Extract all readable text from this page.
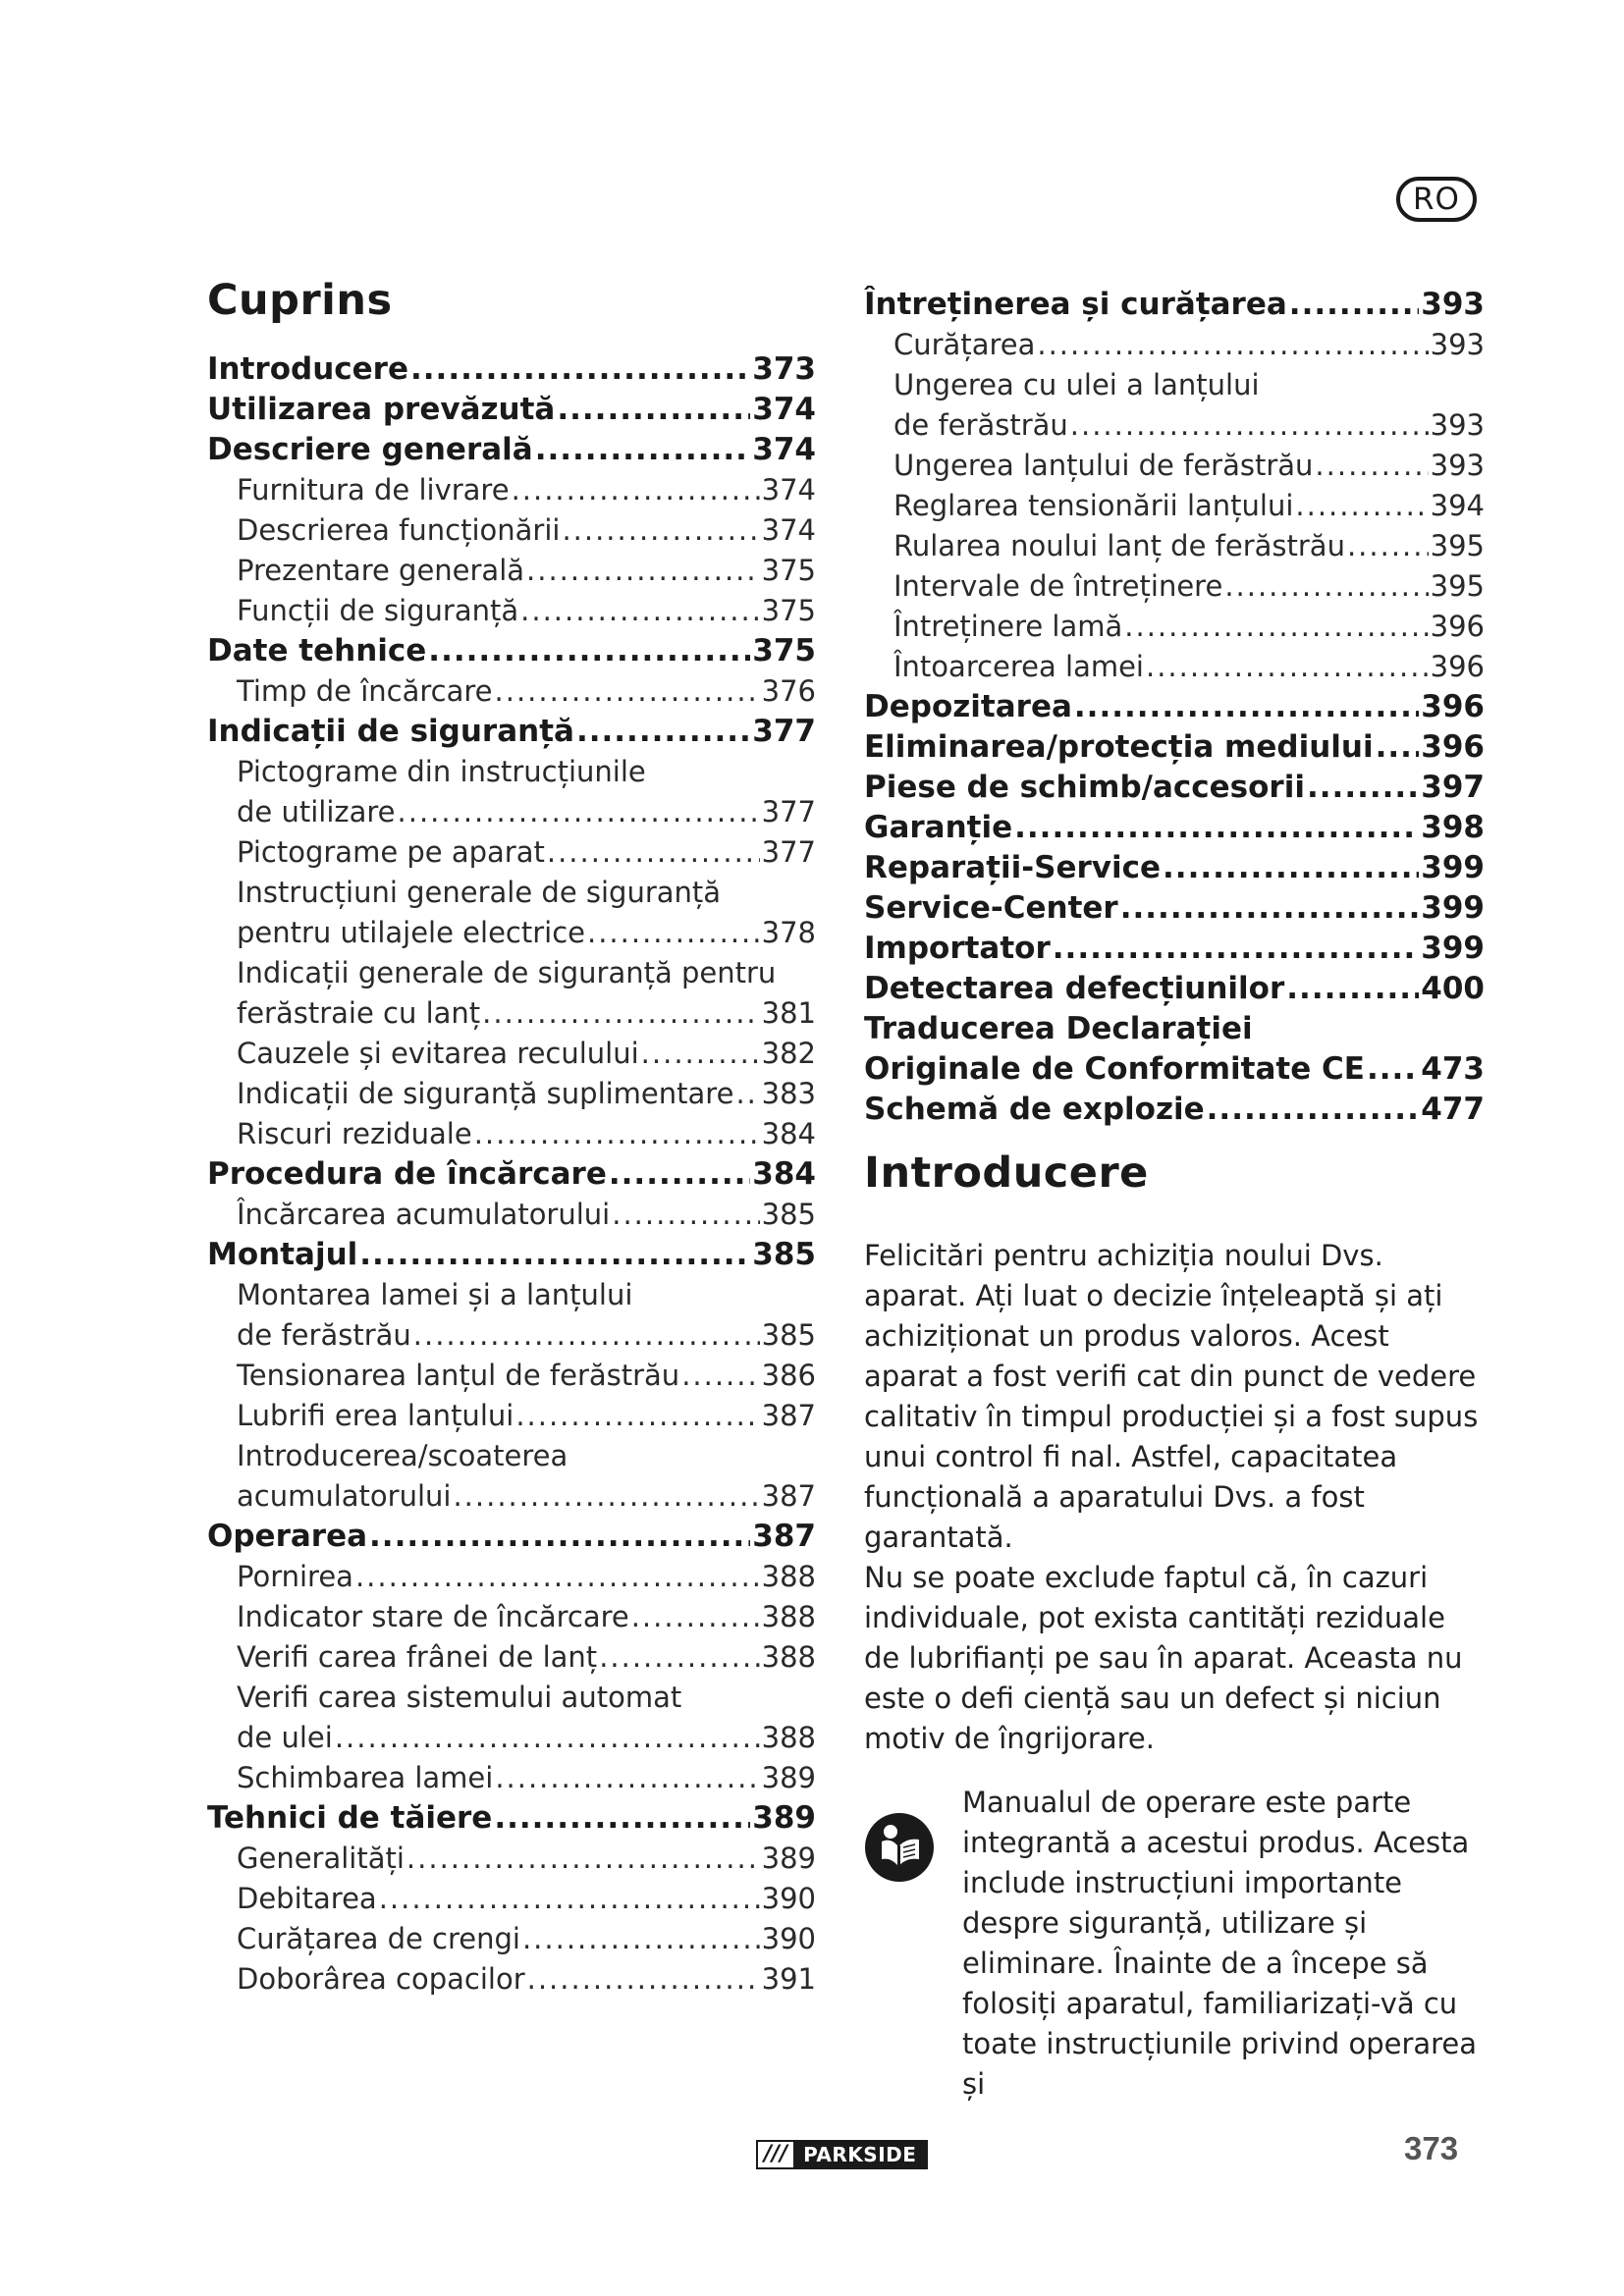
RO
Cuprins
Introducere .....	373
Utilizarea prevăzută .....	374
Descriere generală .....	374
Furnitura de livrare .....	374
Descrierea funcționării .....	374
Prezentare generală .....	375
Funcții de siguranță .....	375
Date tehnice .....	375
Timp de încărcare .....	376
Indicații de siguranță .....	377
Pictograme din instrucțiunile
de utilizare .....	377
Pictograme pe aparat .....	377
Instrucțiuni generale de siguranță
pentru utilajele electrice .....	378
Indicații generale de siguranță pentru
ferăstraie cu lanț .....	381
Cauzele și evitarea reculului .....	382
Indicații de siguranță suplimentare ..... 383
Riscuri reziduale .....	384
Procedura de încărcare .....	384
Încărcarea acumulatorului .....	385
Montajul .....	385
Montarea lamei și a lanțului
de ferăstrău .....	385
Tensionarea lanțul de ferăstrău .....	386
Lubrifi erea lanțului .....	387
Introducerea/scoaterea
acumulatorului .....	387
Operarea .....	387
Pornirea .....	388
Indicator stare de încărcare .....	388
Verifi carea frânei de lanț .....	388
Verifi carea sistemului automat
de ulei .....	388
Schimbarea lamei .....	389
Tehnici de tăiere .....	389
Generalități .....	389
Debitarea .....	390
Curățarea de crengi .....	390
Doborârea copacilor .....	391
Întreținerea și curățarea .....	393
Curățarea .....	393
Ungerea cu ulei a lanțului
de ferăstrău .....	393
Ungerea lanțului de ferăstrău .....	393
Reglarea tensionării lanțului .....	394
Rularea noului lanț de ferăstrău .....	395
Intervale de întreținere .....	395
Întreținere lamă .....	396
Întoarcerea lamei .....	396
Depozitarea .....	396
Eliminarea/protecția mediului ..... 396
Piese de schimb/accesorii .....	397
Garanție .....	398
Reparații-Service .....	399
Service-Center .....	399
Importator .....	399
Detectarea defecțiunilor .....	400
Traducerea Declarației
Originale de Conformitate CE ..... 473
Schemă de explozie .....	477
Introducere

Felicitări pentru achiziția noului Dvs. aparat. Ați luat o decizie înțeleaptă și ați achiziționat un produs valoros. Acest aparat a fost verifi cat din punct de vedere calitativ în timpul producției și a fost supus unui control fi nal. Astfel, capacitatea funcțională a aparatului Dvs. a fost garantată.

Nu se poate exclude faptul că, în cazuri individuale, pot exista cantități reziduale de lubrifianți pe sau în aparat. Aceasta nu este o defi ciență sau un defect și niciun motiv de îngrijorare.

Manualul de operare este parte integrantă a acestui produs. Acesta include instrucțiuni importante despre siguranță, utilizare și eliminare. Înainte de a începe să folosiți aparatul, familiarizați-vă cu toate instrucțiunile privind operarea și

/// PARKSIDE	373
